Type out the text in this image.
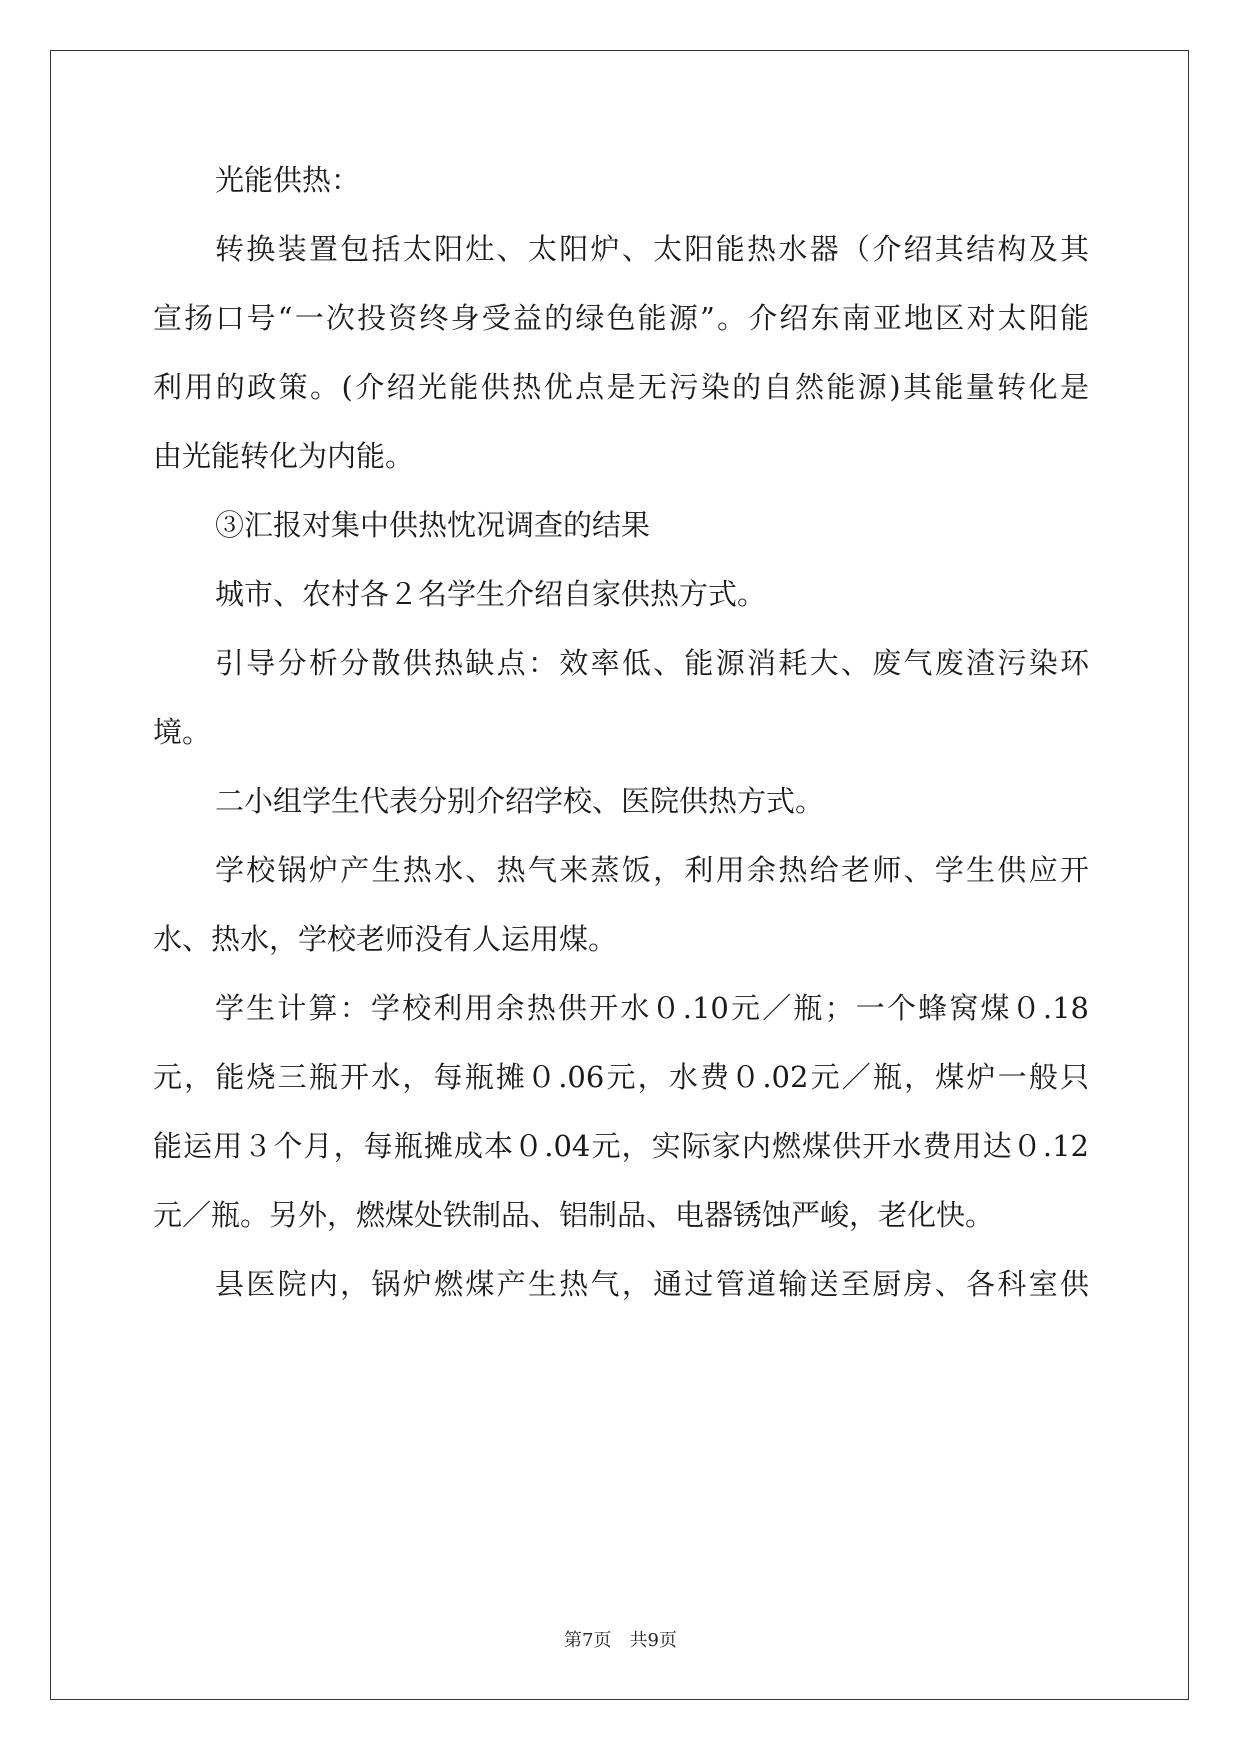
光能供热：
转换装置包括太阳灶、太阳炉、太阳能热水器（介绍其结构及其
宣扬口号“一次投资终身受益的绿色能源”。介绍东南亚地区对太阳能
利用的政策。(介绍光能供热优点是无污染的自然能源)其能量转化是
由光能转化为内能。
③汇报对集中供热忱况调查的结果
城市、农村各２名学生介绍自家供热方式。
引导分析分散供热缺点：效率低、能源消耗大、废气废渣污染环
境。
二小组学生代表分别介绍学校、医院供热方式。
学校锅炉产生热水、热气来蒸饭，利用余热给老师、学生供应开
水、热水，学校老师没有人运用煤。
学生计算：学校利用余热供开水０.10元／瓶；一个蜂窝煤０.18
元，能烧三瓶开水，每瓶摊０.06元，水费０.02元／瓶，煤炉一般只
能运用３个月，每瓶摊成本０.04元，实际家内燃煤供开水费用达０.12
元／瓶。另外，燃煤处铁制品、铝制品、电器锈蚀严峻，老化快。
县医院内，锅炉燃煤产生热气，通过管道输送至厨房、各科室供
第7页　共9页
